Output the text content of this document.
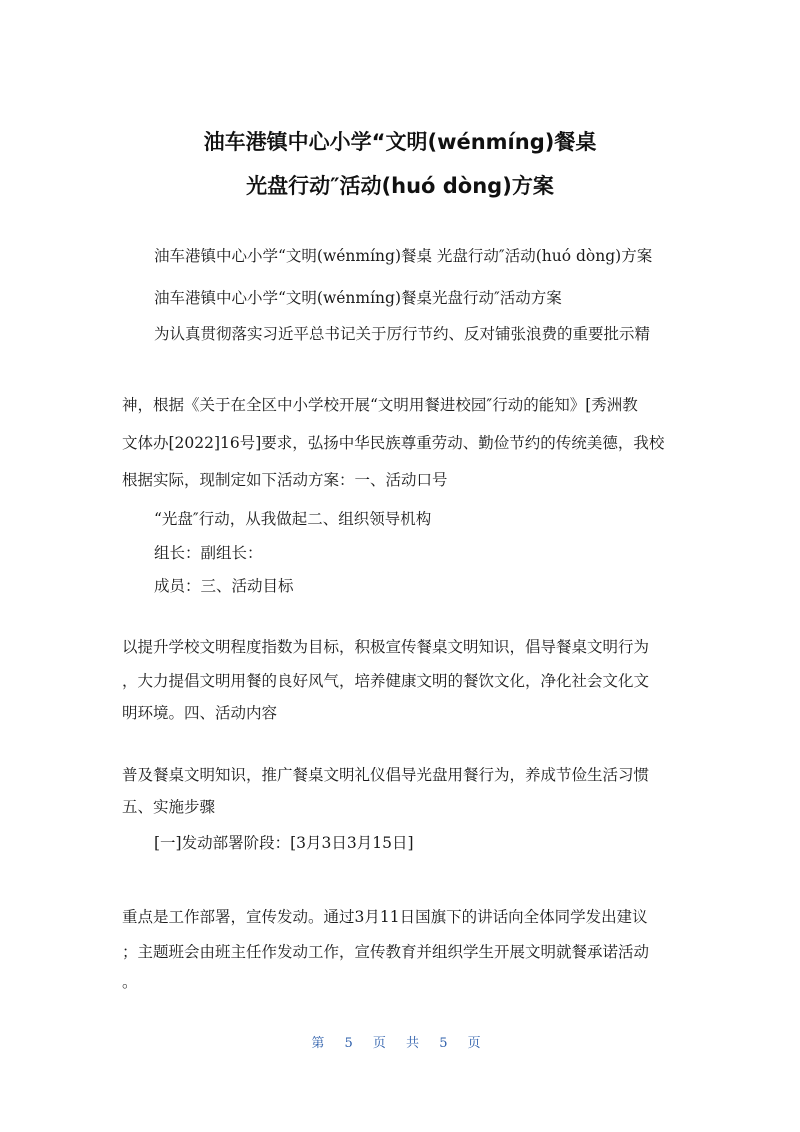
油车港镇中心小学“文明(wénmíng)餐桌
光盘行动″活动(huó dòng)方案
油车港镇中心小学“文明(wénmíng)餐桌 光盘行动″活动(huó dòng)方案
油车港镇中心小学“文明(wénmíng)餐桌光盘行动″活动方案
为认真贯彻落实习近平总书记关于厉行节约、反对铺张浪费的重要批示精
神，根据《关于在全区中小学校开展“文明用餐进校园″行动的能知》[秀洲教
文体办[2022]16号]要求，弘扬中华民族尊重劳动、勤俭节约的传统美德，我校
根据实际，现制定如下活动方案：一、活动口号
“光盘″行动，从我做起二、组织领导机构
组长：副组长：
成员：三、活动目标
以提升学校文明程度指数为目标，积极宣传餐桌文明知识，倡导餐桌文明行为
，大力提倡文明用餐的良好风气，培养健康文明的餐饮文化，净化社会文化文
明环境。四、活动内容
普及餐桌文明知识，推广餐桌文明礼仪倡导光盘用餐行为，养成节俭生活习惯
五、实施步骤
[一]发动部署阶段：[3月3日3月15日]
重点是工作部署，宣传发动。通过3月11日国旗下的讲话向全体同学发出建议
；主题班会由班主任作发动工作，宣传教育并组织学生开展文明就餐承诺活动
。
第 5 页 共 5 页
